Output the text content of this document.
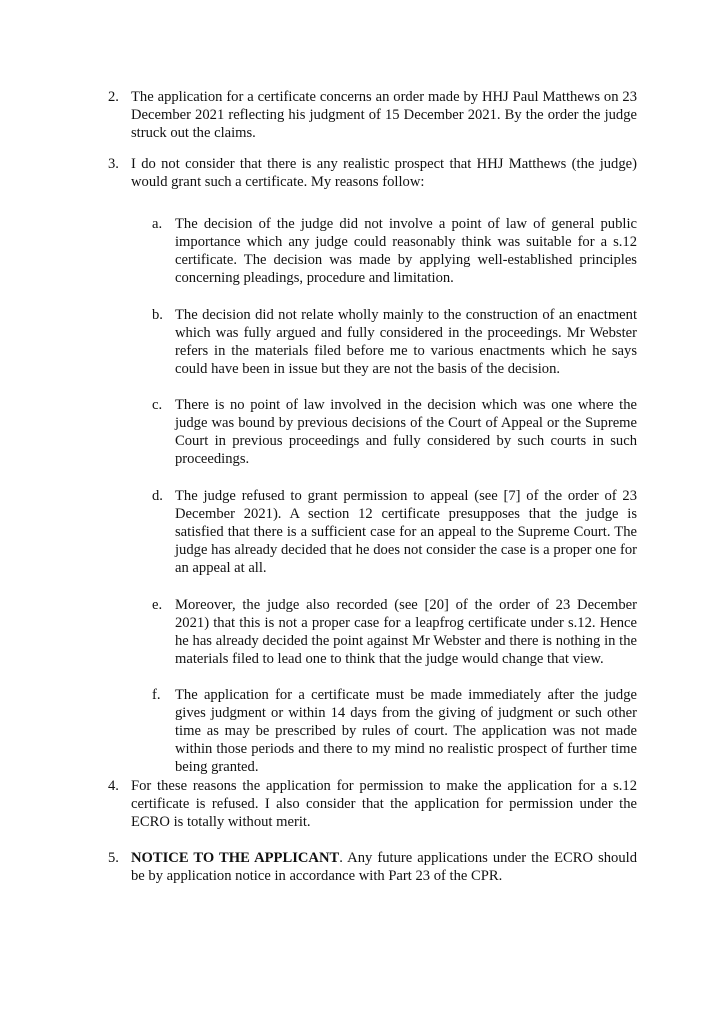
2. The application for a certificate concerns an order made by HHJ Paul Matthews on 23 December 2021 reflecting his judgment of 15 December 2021. By the order the judge struck out the claims.
3. I do not consider that there is any realistic prospect that HHJ Matthews (the judge) would grant such a certificate. My reasons follow:
a. The decision of the judge did not involve a point of law of general public importance which any judge could reasonably think was suitable for a s.12 certificate. The decision was made by applying well-established principles concerning pleadings, procedure and limitation.
b. The decision did not relate wholly mainly to the construction of an enactment which was fully argued and fully considered in the proceedings. Mr Webster refers in the materials filed before me to various enactments which he says could have been in issue but they are not the basis of the decision.
c. There is no point of law involved in the decision which was one where the judge was bound by previous decisions of the Court of Appeal or the Supreme Court in previous proceedings and fully considered by such courts in such proceedings.
d. The judge refused to grant permission to appeal (see [7] of the order of 23 December 2021). A section 12 certificate presupposes that the judge is satisfied that there is a sufficient case for an appeal to the Supreme Court. The judge has already decided that he does not consider the case is a proper one for an appeal at all.
e. Moreover, the judge also recorded (see [20] of the order of 23 December 2021) that this is not a proper case for a leapfrog certificate under s.12. Hence he has already decided the point against Mr Webster and there is nothing in the materials filed to lead one to think that the judge would change that view.
f. The application for a certificate must be made immediately after the judge gives judgment or within 14 days from the giving of judgment or such other time as may be prescribed by rules of court. The application was not made within those periods and there to my mind no realistic prospect of further time being granted.
4. For these reasons the application for permission to make the application for a s.12 certificate is refused. I also consider that the application for permission under the ECRO is totally without merit.
5. NOTICE TO THE APPLICANT. Any future applications under the ECRO should be by application notice in accordance with Part 23 of the CPR.
